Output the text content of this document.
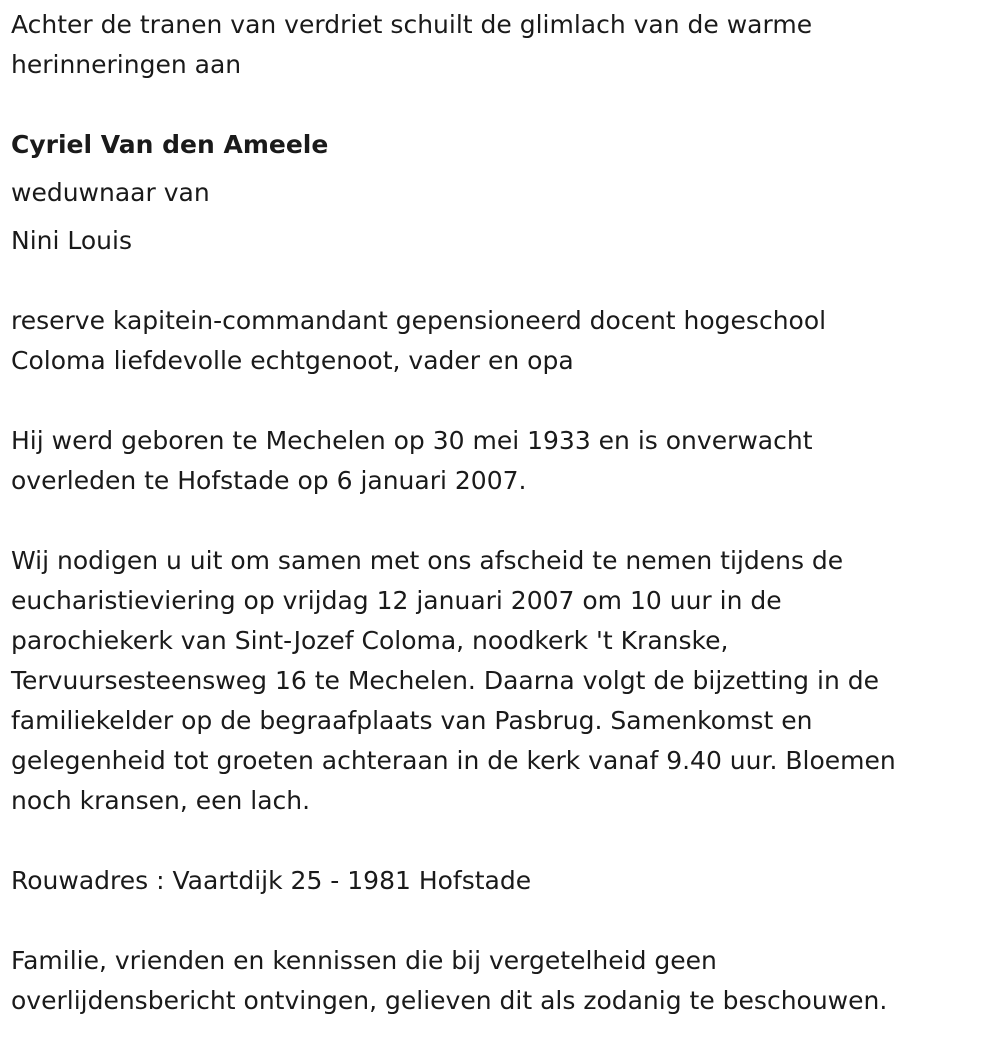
Achter de tranen van verdriet schuilt de glimlach van de warme
herinneringen aan

Cyriel Van den Ameele

weduwnaar van

Nini Louis

reserve kapitein-commandant gepensioneerd docent hogeschool
Coloma liefdevolle echtgenoot, vader en opa

Hij werd geboren te Mechelen op 30 mei 1933 en is onverwacht
overleden te Hofstade op 6 januari 2007.

Wij nodigen u uit om samen met ons afscheid te nemen tijdens de
eucharistieviering op vrijdag 12 januari 2007 om 10 uur in de
parochiekerk van Sint-Jozef Coloma, noodkerk 't Kranske,
Tervuursesteensweg 16 te Mechelen. Daarna volgt de bijzetting in de
familiekelder op de begraafplaats van Pasbrug. Samenkomst en
gelegenheid tot groeten achteraan in de kerk vanaf 9.40 uur. Bloemen
noch kransen, een lach.

Rouwadres : Vaartdijk 25 - 1981 Hofstade

Familie, vrienden en kennissen die bij vergetelheid geen
overlijdensbericht ontvingen, gelieven dit als zodanig te beschouwen.
